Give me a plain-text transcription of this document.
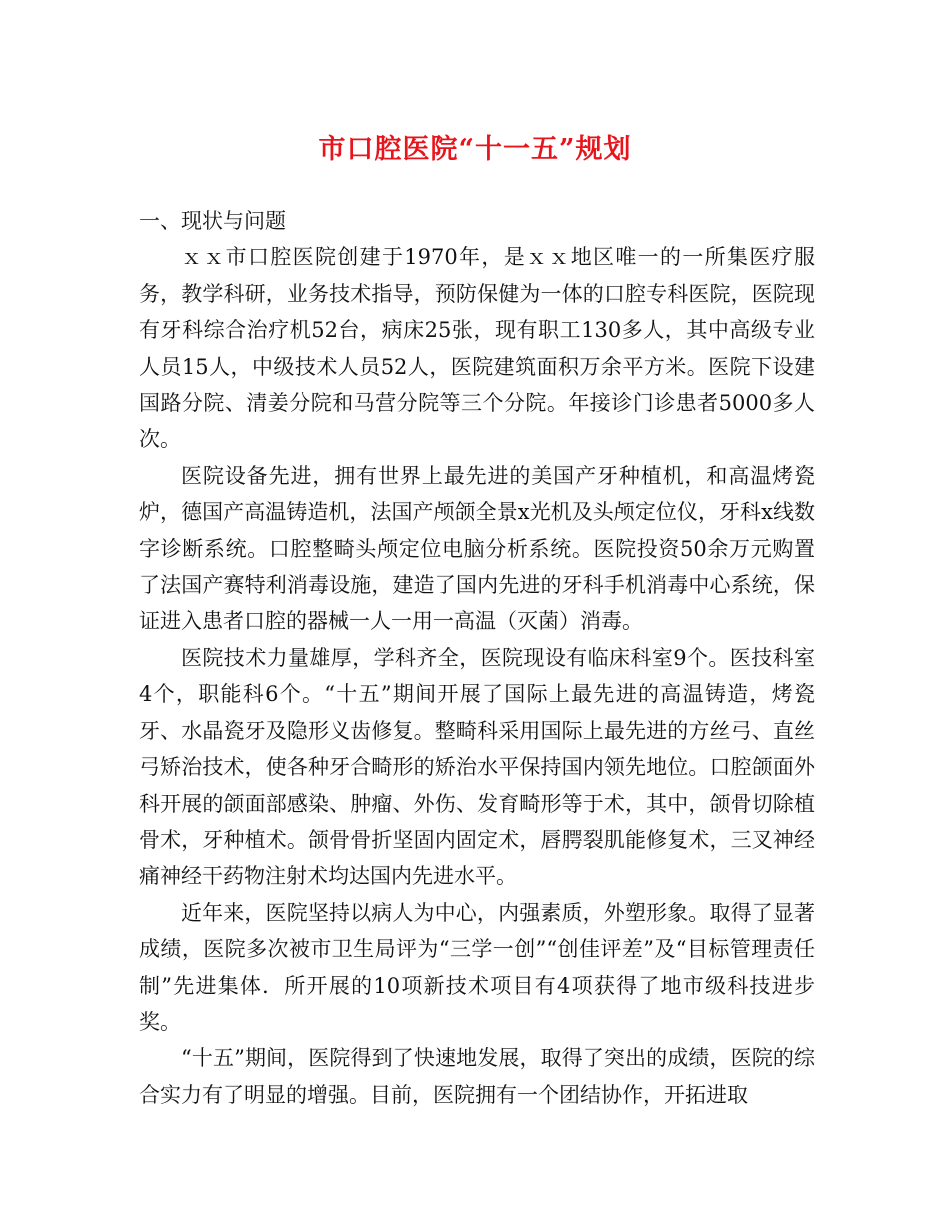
市口腔医院“十一五”规划
一、现状与问题

ｘｘ市口腔医院创建于1970年，是ｘｘ地区唯一的一所集医疗服务，教学科研，业务技术指导，预防保健为一体的口腔专科医院，医院现有牙科综合治疗机52台，病床25张，现有职工130多人，其中高级专业人员15人，中级技术人员52人，医院建筑面积万余平方米。医院下设建国路分院、清姜分院和马营分院等三个分院。年接诊门诊患者5000多人次。

医院设备先进，拥有世界上最先进的美国产牙种植机，和高温烤瓷炉，德国产高温铸造机，法国产颅颌全景x光机及头颅定位仪，牙科x线数字诊断系统。口腔整畸头颅定位电脑分析系统。医院投资50余万元购置了法国产赛特利消毒设施，建造了国内先进的牙科手机消毒中心系统，保证进入患者口腔的器械一人一用一高温（灭菌）消毒。

医院技术力量雄厚，学科齐全，医院现设有临床科室9个。医技科室4个，职能科6个。“十五”期间开展了国际上最先进的高温铸造，烤瓷牙、水晶瓷牙及隐形义齿修复。整畸科采用国际上最先进的方丝弓、直丝弓矫治技术，使各种牙合畸形的矫治水平保持国内领先地位。口腔颌面外科开展的颌面部感染、肿瘤、外伤、发育畸形等于术，其中，颌骨切除植骨术，牙种植术。颌骨骨折坚固内固定术，唇腭裂肌能修复术，三叉神经痛神经干药物注射术均达国内先进水平。

近年来，医院坚持以病人为中心，内强素质，外塑形象。取得了显著成绩，医院多次被市卫生局评为“三学一创”“创佳评差”及“目标管理责任制”先进集体．所开展的10项新技术项目有4项获得了地市级科技进步奖。

“十五”期间，医院得到了快速地发展，取得了突出的成绩，医院的综合实力有了明显的增强。目前，医院拥有一个团结协作，开拓进取
